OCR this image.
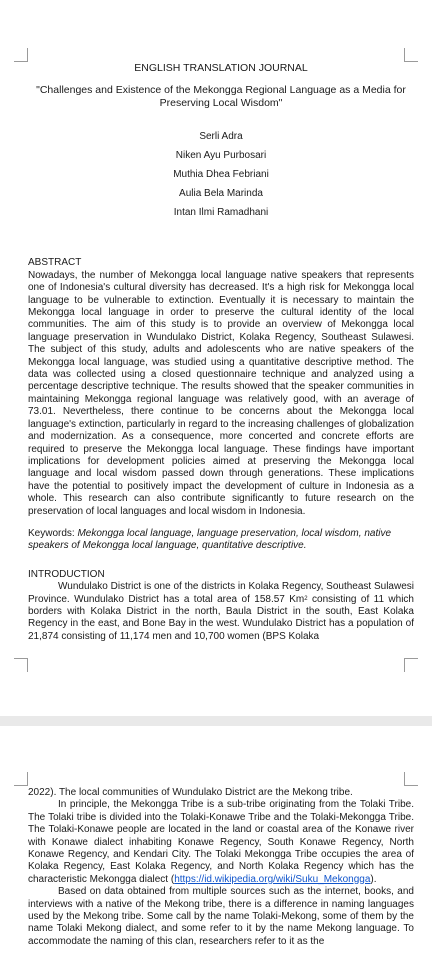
ENGLISH TRANSLATION JOURNAL
"Challenges and Existence of the Mekongga Regional Language as a Media for Preserving Local Wisdom"
Serli Adra
Niken Ayu Purbosari
Muthia Dhea Febriani
Aulia Bela Marinda
Intan Ilmi Ramadhani
ABSTRACT
Nowadays, the number of Mekongga local language native speakers that represents one of Indonesia's cultural diversity has decreased. It's a high risk for Mekongga local language to be vulnerable to extinction. Eventually it is necessary to maintain the Mekongga local language in order to preserve the cultural identity of the local communities. The aim of this study is to provide an overview of Mekongga local language preservation in Wundulako District, Kolaka Regency, Southeast Sulawesi. The subject of this study, adults and adolescents who are native speakers of the Mekongga local language, was studied using a quantitative descriptive method. The data was collected using a closed questionnaire technique and analyzed using a percentage descriptive technique. The results showed that the speaker communities in maintaining Mekongga regional language was relatively good, with an average of 73.01. Nevertheless, there continue to be concerns about the Mekongga local language's extinction, particularly in regard to the increasing challenges of globalization and modernization. As a consequence, more concerted and concrete efforts are required to preserve the Mekongga local language. These findings have important implications for development policies aimed at preserving the Mekongga local language and local wisdom passed down through generations. These implications have the potential to positively impact the development of culture in Indonesia as a whole. This research can also contribute significantly to future research on the preservation of local languages and local wisdom in Indonesia.
Keywords: Mekongga local language, language preservation, local wisdom, native speakers of Mekongga local language, quantitative descriptive.
INTRODUCTION
Wundulako District is one of the districts in Kolaka Regency, Southeast Sulawesi Province. Wundulako District has a total area of 158.57 Km$^2$ consisting of 11 which borders with Kolaka District in the north, Baula District in the south, East Kolaka Regency in the east, and Bone Bay in the west. Wundulako District has a population of 21,874 consisting of 11,174 men and 10,700 women (BPS Kolaka
2022). The local communities of Wundulako District are the Mekong tribe.
In principle, the Mekongga Tribe is a sub-tribe originating from the Tolaki Tribe. The Tolaki tribe is divided into the Tolaki-Konawe Tribe and the Tolaki-Mekongga Tribe. The Tolaki-Konawe people are located in the land or coastal area of the Konawe river with Konawe dialect inhabiting Konawe Regency, South Konawe Regency, North Konawe Regency, and Kendari City. The Tolaki Mekongga Tribe occupies the area of Kolaka Regency, East Kolaka Regency, and North Kolaka Regency which has the characteristic Mekongga dialect (https://id.wikipedia.org/wiki/Suku_Mekongga).
Based on data obtained from multiple sources such as the internet, books, and interviews with a native of the Mekong tribe, there is a difference in naming languages used by the Mekong tribe. Some call by the name Tolaki-Mekong, some of them by the name Tolaki Mekong dialect, and some refer to it by the name Mekong language. To accommodate the naming of this clan, researchers refer to it as the
